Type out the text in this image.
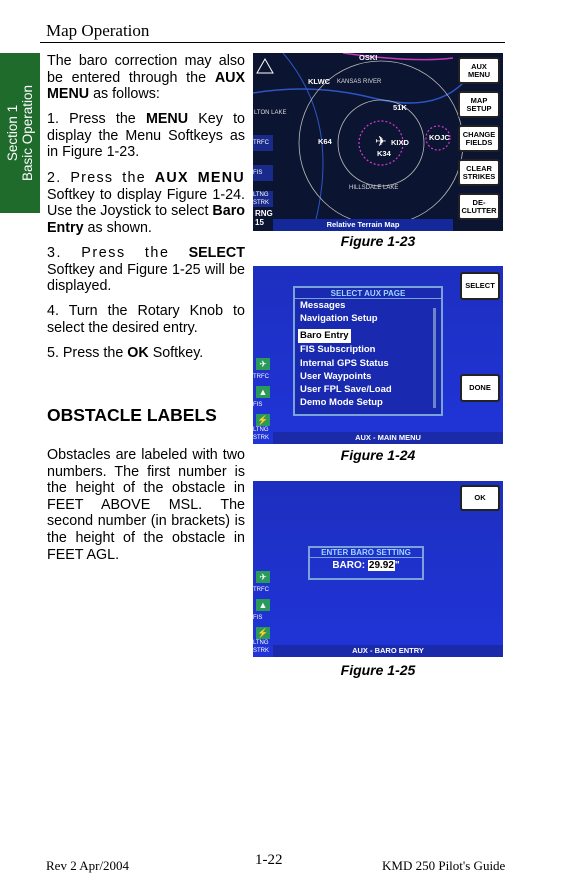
Map Operation
Section 1 Basic Operation
The baro correction may also be entered through the AUX MENU as follows:
1. Press the MENU Key to display the Menu Softkeys as in Figure 1-23.
2. Press the AUX MENU Softkey to display Figure 1-24. Use the Joystick to select Baro Entry as shown.
3. Press the SELECT Softkey and Figure 1-25 will be displayed.
4. Turn the Rotary Knob to select the desired entry.
5. Press the OK Softkey.
OBSTACLE LABELS
Obstacles are labeled with two numbers. The first number is the height of the obstacle in FEET ABOVE MSL. The second number (in brackets) is the height of the obstacle in FEET AGL.
✈
KLWC KANSAS RIVER
51K
K64	KIXD
KOJC
K34
HILLSDALE LAKE
LTON LAKE
OSKI
TRFC
FIS
LTNG STRK
RNG
15
AUX MENU
MAP SETUP
CHANGE FIELDS
CLEAR STRIKES
DE-CLUTTER
Relative Terrain Map
Figure 1-23
SELECT AUX PAGE
Messages
Navigation Setup
Baro Entry
FIS Subscription
Internal GPS Status
User Waypoints
User FPL Save/Load
Demo Mode Setup
SELECT
DONE
✈
TRFC
▲
FIS
⚡
LTNG STRK	AUX - MAIN MENU
Figure 1-24
OK
ENTER BARO SETTING
BARO: 29.92"
✈
TRFC
▲
FIS
⚡
LTNG STRK	AUX - BARO ENTRY
Figure 1-25
Rev 2 Apr/2004	1-22	KMD 250 Pilot's Guide
